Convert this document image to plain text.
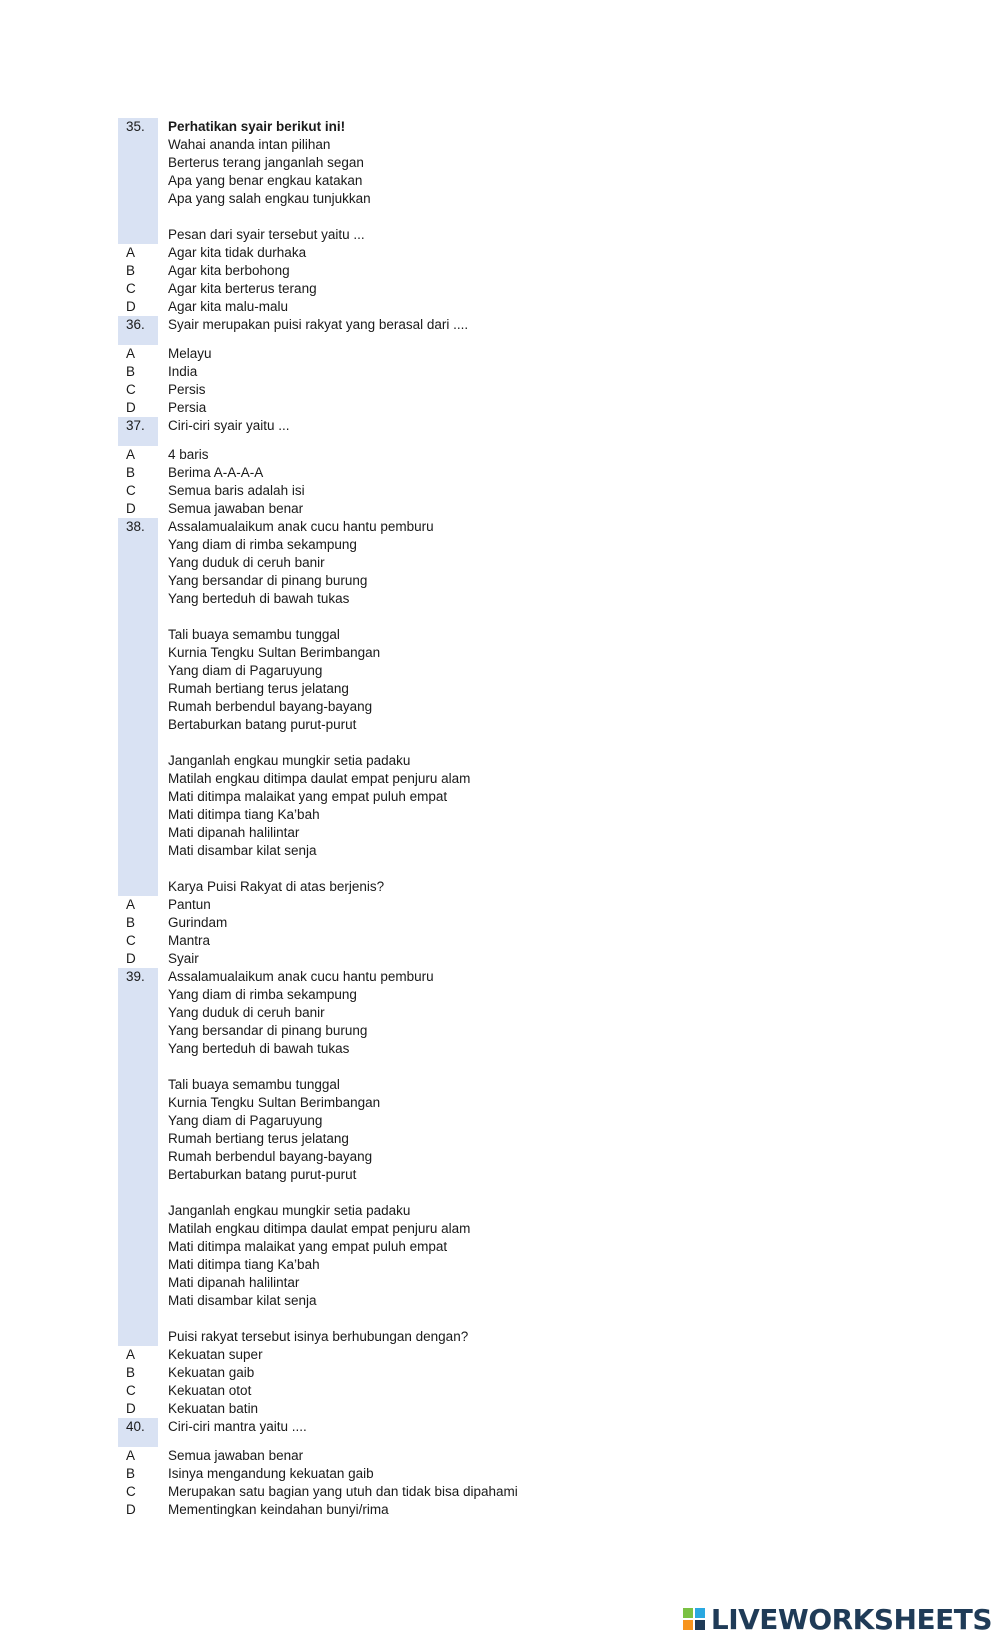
35.	Perhatikan syair berikut ini!
Wahai ananda intan pilihan
Berterus terang janganlah segan
Apa yang benar engkau katakan
Apa yang salah engkau tunjukkan
Pesan dari syair tersebut yaitu ...
A	Agar kita tidak durhaka
B	Agar kita berbohong
C	Agar kita berterus terang
D	Agar kita malu-malu
36.	Syair merupakan puisi rakyat yang berasal dari ....
A	Melayu
B	India
C	Persis
D	Persia
37.	Ciri-ciri syair yaitu ...
A	4 baris
B	Berima A-A-A-A
C	Semua baris adalah isi
D	Semua jawaban benar
38.	Assalamualaikum anak cucu hantu pemburu
Yang diam di rimba sekampung
Yang duduk di ceruh banir
Yang bersandar di pinang burung
Yang berteduh di bawah tukas
Tali buaya semambu tunggal
Kurnia Tengku Sultan Berimbangan
Yang diam di Pagaruyung
Rumah bertiang terus jelatang
Rumah berbendul bayang-bayang
Bertaburkan batang purut-purut
Janganlah engkau mungkir setia padaku
Matilah engkau ditimpa daulat empat penjuru alam
Mati ditimpa malaikat yang empat puluh empat
Mati ditimpa tiang Ka’bah
Mati dipanah halilintar
Mati disambar kilat senja
Karya Puisi Rakyat di atas berjenis?
A	Pantun
B	Gurindam
C	Mantra
D	Syair
39.	Assalamualaikum anak cucu hantu pemburu
Yang diam di rimba sekampung
Yang duduk di ceruh banir
Yang bersandar di pinang burung
Yang berteduh di bawah tukas
Tali buaya semambu tunggal
Kurnia Tengku Sultan Berimbangan
Yang diam di Pagaruyung
Rumah bertiang terus jelatang
Rumah berbendul bayang-bayang
Bertaburkan batang purut-purut
Janganlah engkau mungkir setia padaku
Matilah engkau ditimpa daulat empat penjuru alam
Mati ditimpa malaikat yang empat puluh empat
Mati ditimpa tiang Ka’bah
Mati dipanah halilintar
Mati disambar kilat senja
Puisi rakyat tersebut isinya berhubungan dengan?
A	Kekuatan super
B	Kekuatan gaib
C	Kekuatan otot
D	Kekuatan batin
40.	Ciri-ciri mantra yaitu ....
A	Semua jawaban benar
B	Isinya mengandung kekuatan gaib
C	Merupakan satu bagian yang utuh dan tidak bisa dipahami
D	Mementingkan keindahan bunyi/rima
LIVEWORKSHEETS
